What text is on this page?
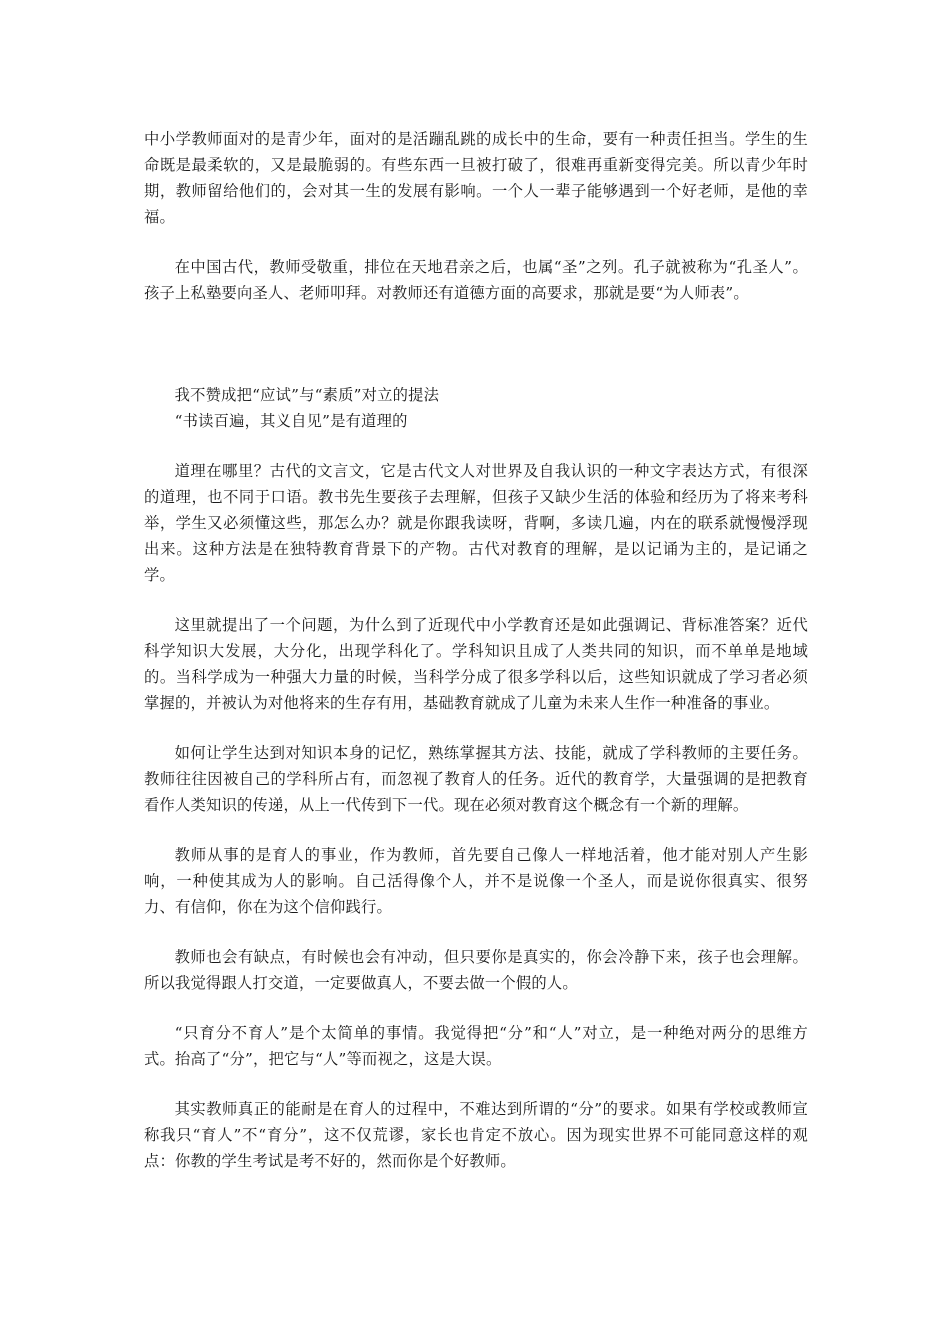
中小学教师面对的是青少年，面对的是活蹦乱跳的成长中的生命，要有一种责任担当。学生的生命既是最柔软的，又是最脆弱的。有些东西一旦被打破了，很难再重新变得完美。所以青少年时期，教师留给他们的，会对其一生的发展有影响。一个人一辈子能够遇到一个好老师，是他的幸福。

在中国古代，教师受敬重，排位在天地君亲之后，也属“圣”之列。孔子就被称为“孔圣人”。孩子上私塾要向圣人、老师叩拜。对教师还有道德方面的高要求，那就是要“为人师表”。

我不赞成把“应试”与“素质”对立的提法

“书读百遍，其义自见”是有道理的

道理在哪里？古代的文言文，它是古代文人对世界及自我认识的一种文字表达方式，有很深的道理，也不同于口语。教书先生要孩子去理解，但孩子又缺少生活的体验和经历为了将来考科举，学生又必须懂这些，那怎么办？就是你跟我读呀，背啊，多读几遍，内在的联系就慢慢浮现出来。这种方法是在独特教育背景下的产物。古代对教育的理解，是以记诵为主的，是记诵之学。

这里就提出了一个问题，为什么到了近现代中小学教育还是如此强调记、背标准答案？近代科学知识大发展，大分化，出现学科化了。学科知识且成了人类共同的知识，而不单单是地域的。当科学成为一种强大力量的时候，当科学分成了很多学科以后，这些知识就成了学习者必须掌握的，并被认为对他将来的生存有用，基础教育就成了儿童为未来人生作一种准备的事业。

如何让学生达到对知识本身的记忆，熟练掌握其方法、技能，就成了学科教师的主要任务。教师往往因被自己的学科所占有，而忽视了教育人的任务。近代的教育学，大量强调的是把教育看作人类知识的传递，从上一代传到下一代。现在必须对教育这个概念有一个新的理解。

教师从事的是育人的事业，作为教师，首先要自己像人一样地活着，他才能对别人产生影响，一种使其成为人的影响。自己活得像个人，并不是说像一个圣人，而是说你很真实、很努力、有信仰，你在为这个信仰践行。

教师也会有缺点，有时候也会有冲动，但只要你是真实的，你会冷静下来，孩子也会理解。所以我觉得跟人打交道，一定要做真人，不要去做一个假的人。

“只育分不育人”是个太简单的事情。我觉得把“分”和“人”对立，是一种绝对两分的思维方式。抬高了“分”，把它与“人”等而视之，这是大误。

其实教师真正的能耐是在育人的过程中，不难达到所谓的“分”的要求。如果有学校或教师宣称我只“育人”不“育分”，这不仅荒谬，家长也肯定不放心。因为现实世界不可能同意这样的观点：你教的学生考试是考不好的，然而你是个好教师。
